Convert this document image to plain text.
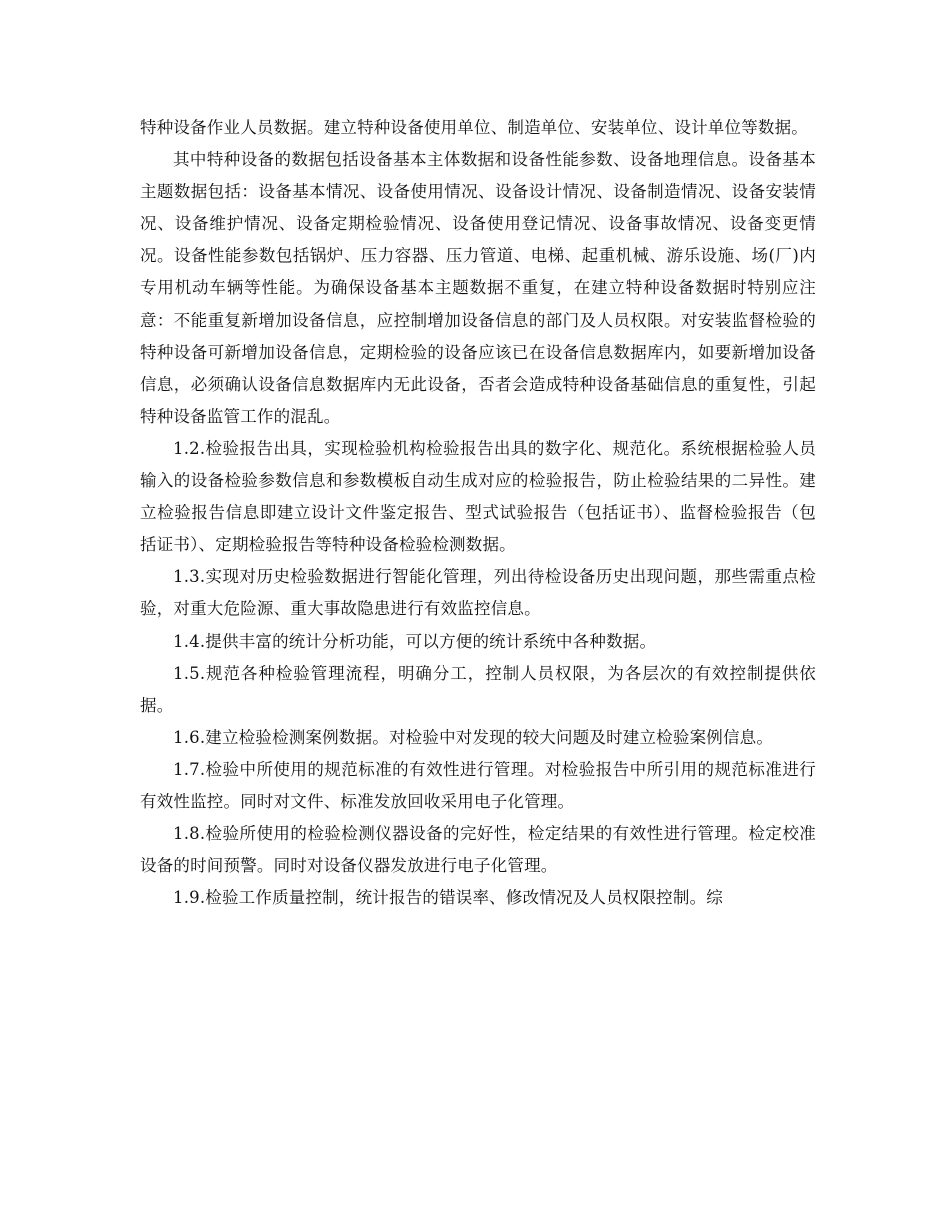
特种设备作业人员数据。建立特种设备使用单位、制造单位、安装单位、设计单位等数据。

其中特种设备的数据包括设备基本主体数据和设备性能参数、设备地理信息。设备基本主题数据包括：设备基本情况、设备使用情况、设备设计情况、设备制造情况、设备安装情况、设备维护情况、设备定期检验情况、设备使用登记情况、设备事故情况、设备变更情况。设备性能参数包括锅炉、压力容器、压力管道、电梯、起重机械、游乐设施、场(厂)内专用机动车辆等性能。为确保设备基本主题数据不重复，在建立特种设备数据时特别应注意：不能重复新增加设备信息，应控制增加设备信息的部门及人员权限。对安装监督检验的特种设备可新增加设备信息，定期检验的设备应该已在设备信息数据库内，如要新增加设备信息，必须确认设备信息数据库内无此设备，否者会造成特种设备基础信息的重复性，引起特种设备监管工作的混乱。

1.2.检验报告出具，实现检验机构检验报告出具的数字化、规范化。系统根据检验人员输入的设备检验参数信息和参数模板自动生成对应的检验报告，防止检验结果的二异性。建立检验报告信息即建立设计文件鉴定报告、型式试验报告（包括证书）、监督检验报告（包括证书）、定期检验报告等特种设备检验检测数据。

1.3.实现对历史检验数据进行智能化管理，列出待检设备历史出现问题，那些需重点检验，对重大危险源、重大事故隐患进行有效监控信息。

1.4.提供丰富的统计分析功能，可以方便的统计系统中各种数据。

1.5.规范各种检验管理流程，明确分工，控制人员权限，为各层次的有效控制提供依据。

1.6.建立检验检测案例数据。对检验中对发现的较大问题及时建立检验案例信息。

1.7.检验中所使用的规范标准的有效性进行管理。对检验报告中所引用的规范标准进行有效性监控。同时对文件、标准发放回收采用电子化管理。

1.8.检验所使用的检验检测仪器设备的完好性，检定结果的有效性进行管理。检定校准设备的时间预警。同时对设备仪器发放进行电子化管理。

1.9.检验工作质量控制，统计报告的错误率、修改情况及人员权限控制。综
